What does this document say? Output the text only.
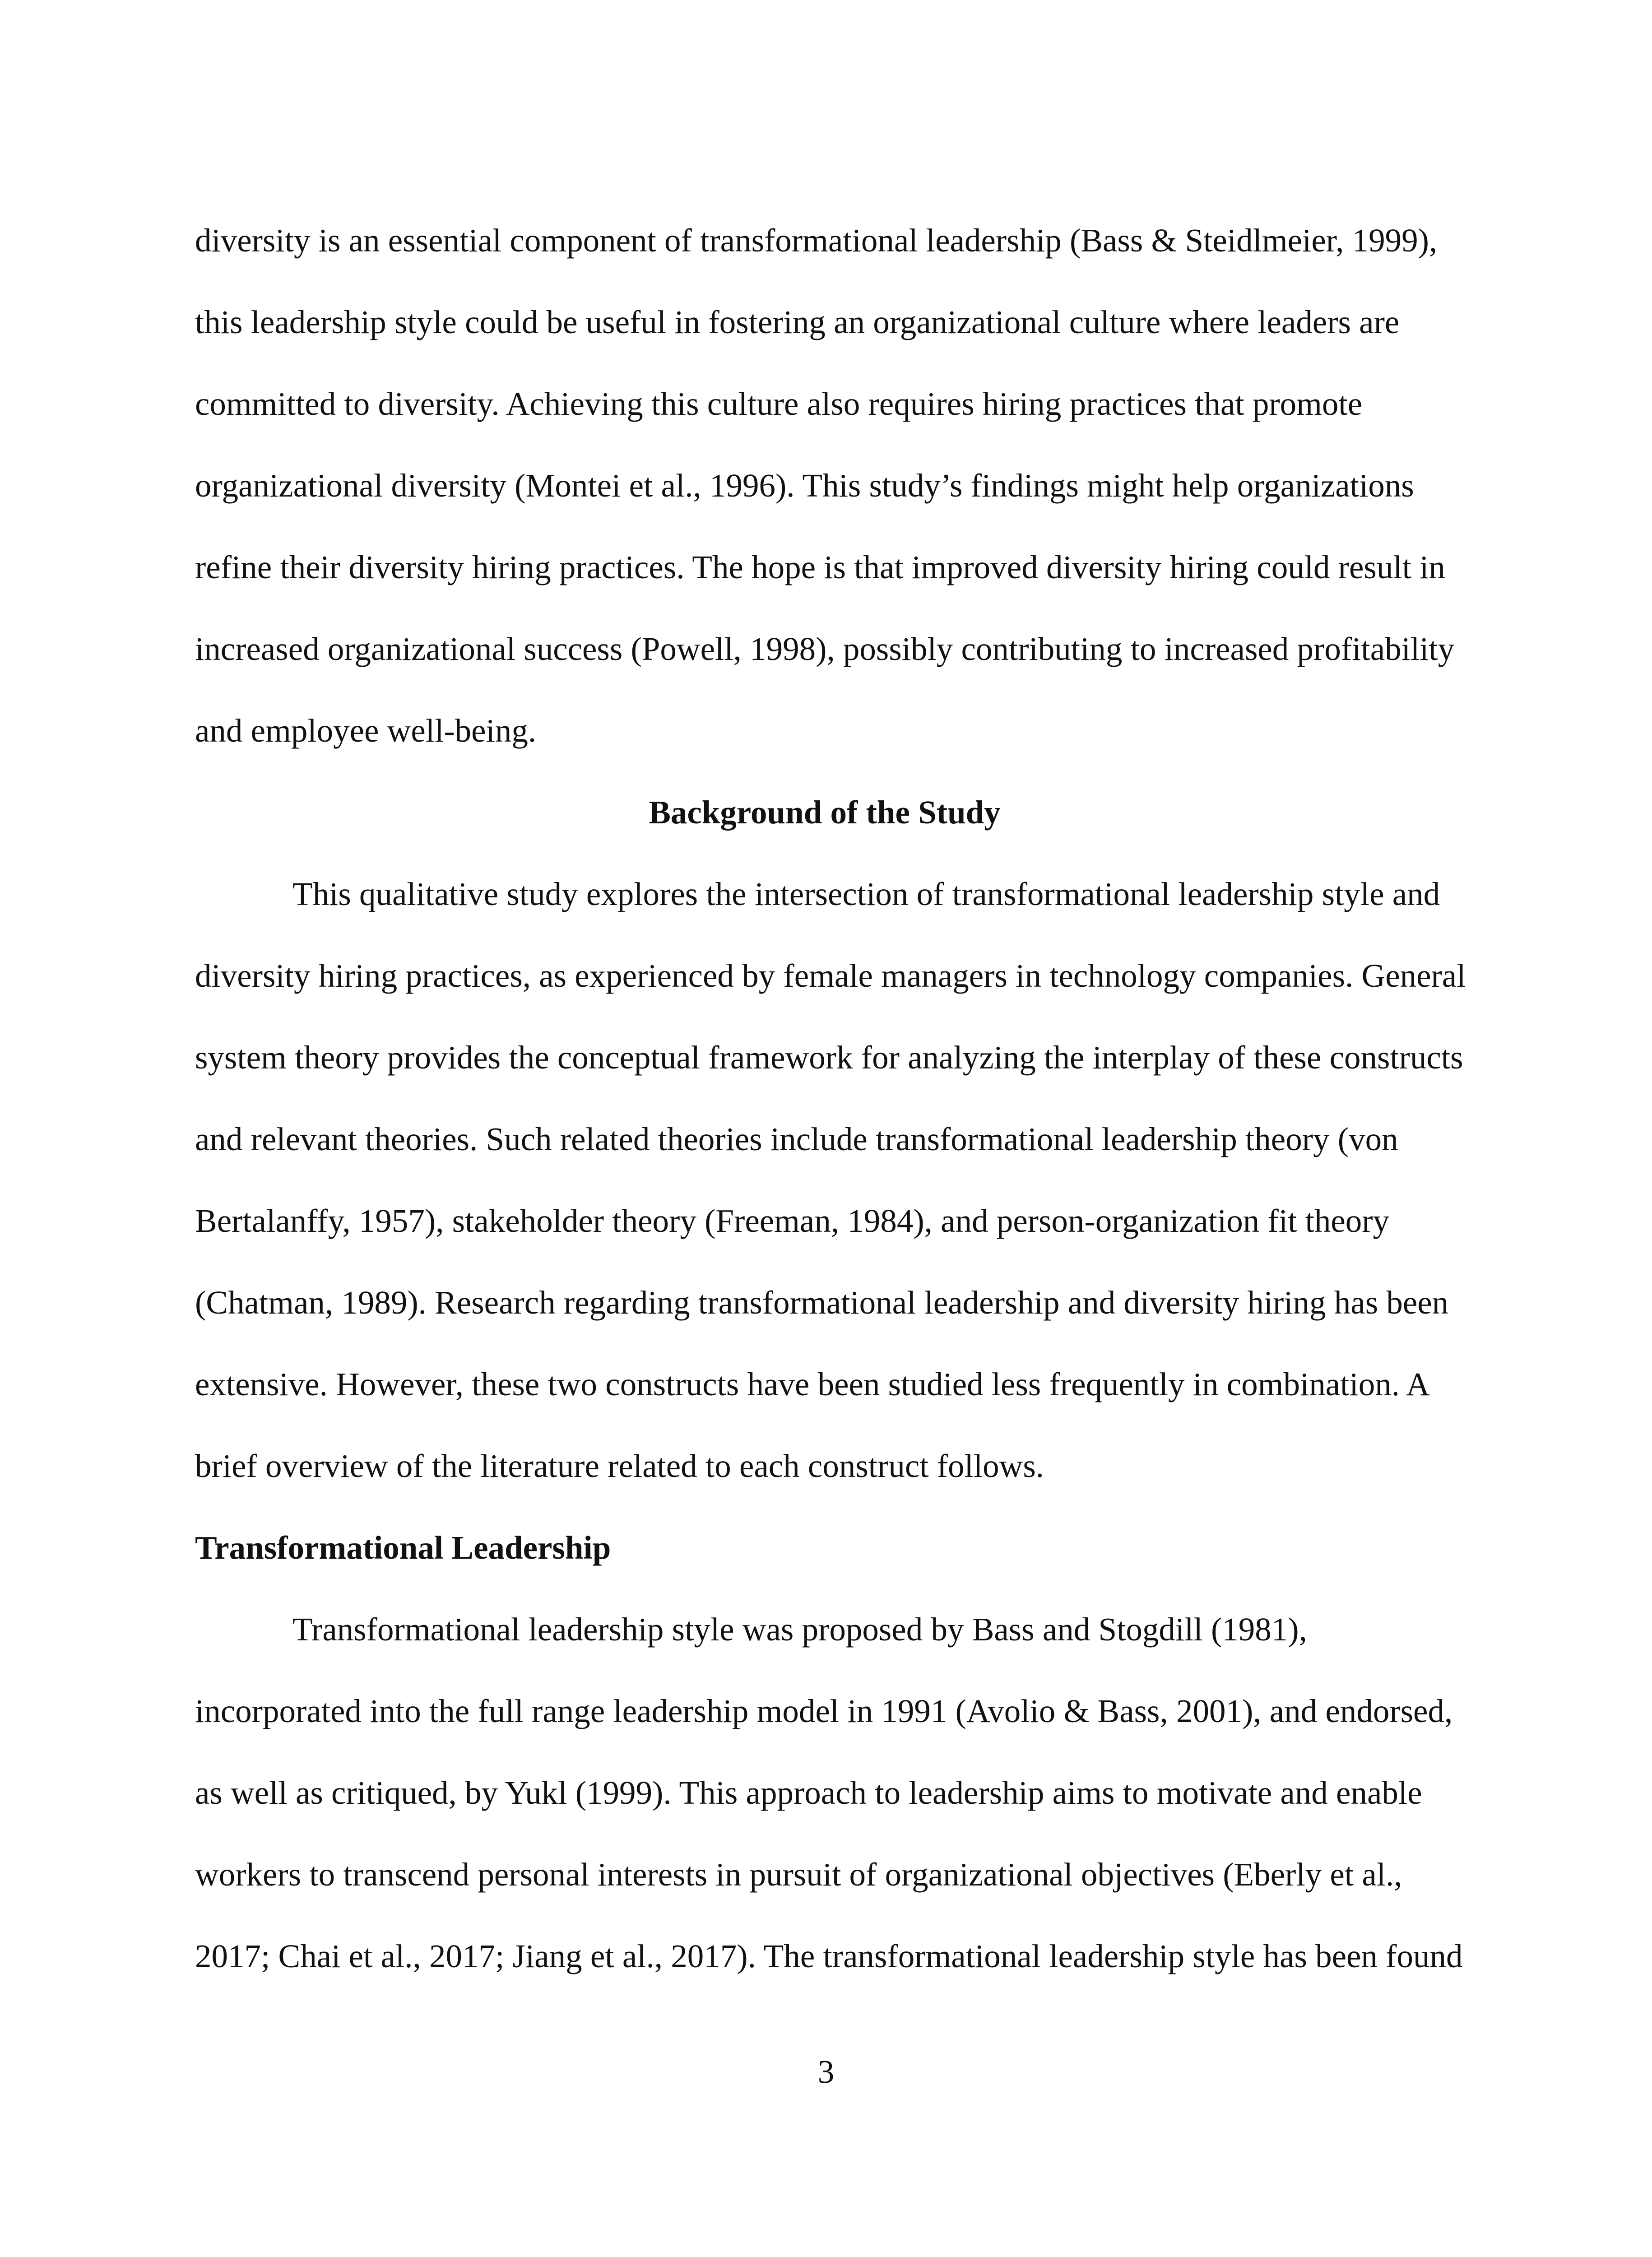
diversity is an essential component of transformational leadership (Bass & Steidlmeier, 1999),
this leadership style could be useful in fostering an organizational culture where leaders are
committed to diversity. Achieving this culture also requires hiring practices that promote
organizational diversity (Montei et al., 1996). This study’s findings might help organizations
refine their diversity hiring practices. The hope is that improved diversity hiring could result in
increased organizational success (Powell, 1998), possibly contributing to increased profitability
and employee well-being.
Background of the Study
This qualitative study explores the intersection of transformational leadership style and
diversity hiring practices, as experienced by female managers in technology companies. General
system theory provides the conceptual framework for analyzing the interplay of these constructs
and relevant theories. Such related theories include transformational leadership theory (von
Bertalanffy, 1957), stakeholder theory (Freeman, 1984), and person-organization fit theory
(Chatman, 1989). Research regarding transformational leadership and diversity hiring has been
extensive. However, these two constructs have been studied less frequently in combination. A
brief overview of the literature related to each construct follows.
Transformational Leadership
Transformational leadership style was proposed by Bass and Stogdill (1981),
incorporated into the full range leadership model in 1991 (Avolio & Bass, 2001), and endorsed,
as well as critiqued, by Yukl (1999). This approach to leadership aims to motivate and enable
workers to transcend personal interests in pursuit of organizational objectives (Eberly et al.,
2017; Chai et al., 2017; Jiang et al., 2017). The transformational leadership style has been found
3
